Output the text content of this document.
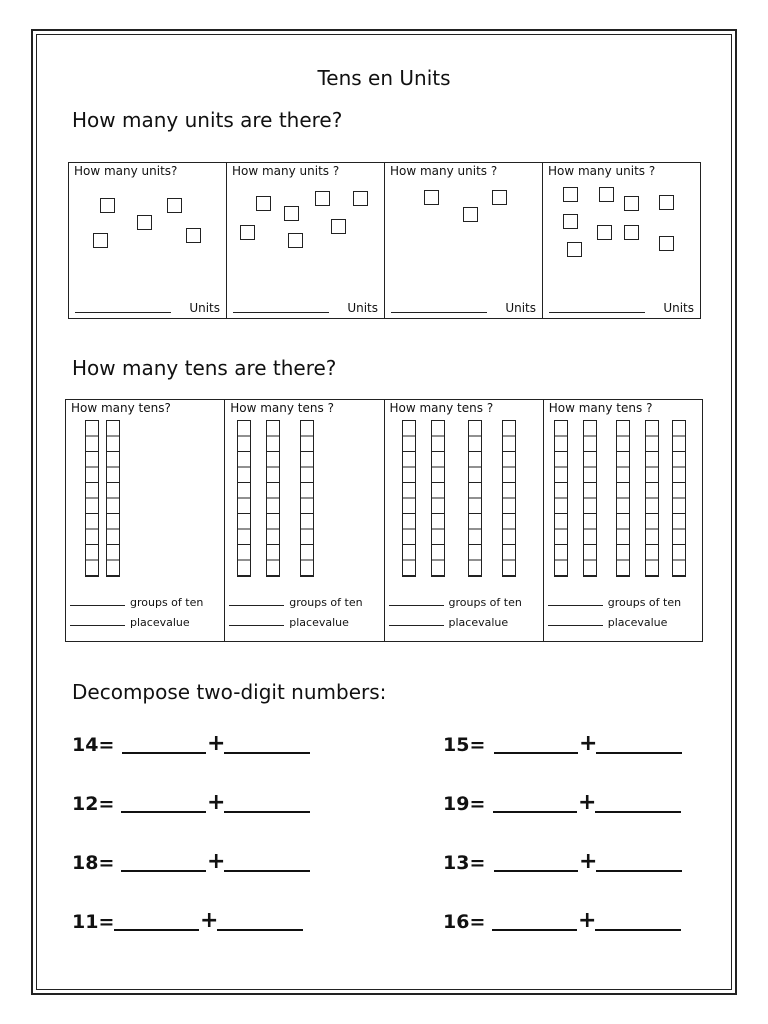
Tens en Units
How many units are there?
How many units?
Units
How many units ?
Units
How many units ?
Units
How many units ?
Units
How many tens are there?
How many tens?
groups of ten
placevalue
How many tens ?
groups of ten
placevalue
How many tens ?
groups of ten
placevalue
How many tens ?
groups of ten
placevalue
Decompose two-digit numbers:
14=	+
12=	+
18=	+
11=	+
15=	+
19=	+
13=	+
16=	+
